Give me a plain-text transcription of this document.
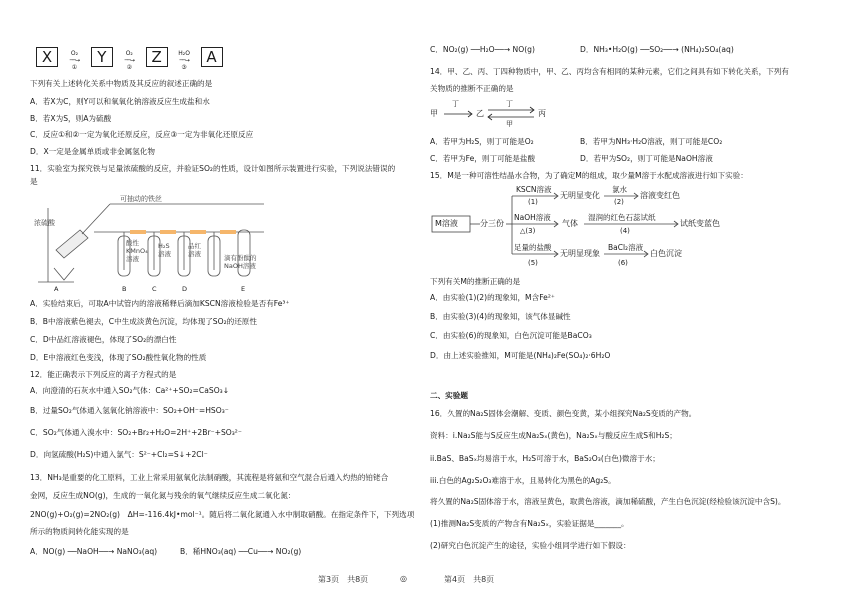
X	O₂
──→
① Y	O₂
──→
② Z	H₂O
──→
③ A
下列有关上述转化关系中物质及其反应的叙述正确的是
A．若X为C，则Y可以和氧氧化钠溶液反应生成盐和水
B．若X为S，则A为硫酸
C．反应①和②一定为氧化还原反应，反应③一定为非氧化还原反应
D．X一定是金属单质或非金属氢化物
11．实验室为探究铁与足量浓硫酸的反应，并验证SO₂的性质，设计如图所示装置进行实验，下列说法错误的
是
可抽动的铁丝
浓硫酸
酸性
KMnO₄
溶液
H₂S
溶液
品红
溶液	滴有酚酞的
NaOH溶液
A	B	C	D	E
A．实验结束后，可取A中试管内的溶液稀释后滴加KSCN溶液检验是否有Fe³⁺
B．B中溶液紫色褪去，C中生成淡黄色沉淀，均体现了SO₂的还原性
C．D中品红溶液褪色，体现了SO₂的漂白性
D．E中溶液红色变浅，体现了SO₂酸性氧化物的性质
12．能正确表示下列反应的离子方程式的是
A．向澄清的石灰水中通入SO₂气体：Ca²⁺+SO₂=CaSO₃↓
B．过量SO₂气体通入氢氧化钠溶液中：SO₂+OH⁻=HSO₃⁻
C．SO₂气体通入溴水中：SO₂+Br₂+H₂O=2H⁺+2Br⁻+SO₃²⁻
D．向氢硫酸(H₂S)中通入氯气：S²⁻+Cl₂=S↓+2Cl⁻
13．NH₃是重要的化工原料，工业上常采用氨氧化法制硝酸，其流程是将氨和空气混合后通入灼热的铂铑合
金网，反应生成NO(g)，生成的一氧化氮与残余的氧气继续反应生成二氧化氮：
2NO(g)+O₂(g)=2NO₂(g)　ΔH=-116.4kJ•mol⁻¹。随后将二氧化氮通入水中制取硝酸。在指定条件下，下列选项
所示的物质间转化能实现的是
A．NO(g) ──NaOH──→ NaNO₃(aq)	B．稀HNO₃(aq) ──Cu──→ NO₂(g)
C．NO₂(g) ──H₂O──→ NO(g)	D．NH₃•H₂O(g) ──SO₂──→ (NH₄)₂SO₄(aq)
14．甲、乙、丙、丁四种物质中，甲、乙、丙均含有相同的某种元素，它们之间具有如下转化关系，下列有
关物质的推断不正确的是
甲
丁
乙
丁
甲
丙
A．若甲为H₂S，则丁可能是O₂	B．若甲为NH₃·H₂O溶液，则丁可能是CO₂
C．若甲为Fe，则丁可能是盐酸	D．若甲为SO₂，则丁可能是NaOH溶液
15．M是一种可溶性结晶水合物，为了确定M的组成，取少量M溶于水配成溶液进行如下实验：
M溶液	分三份
KSCN溶液
(1)
无明显变化
氯水
(2)
溶液变红色
NaOH溶液
△(3)
气体
湿润的红色石蕊试纸
(4)
试纸变蓝色
足量的盐酸
(5)
无明显现象
BaCl₂溶液
(6)
白色沉淀
下列有关M的推断正确的是
A．由实验(1)(2)的现象知，M含Fe²⁺
B．由实验(3)(4)的现象知，该气体显碱性
C．由实验(6)的现象知，白色沉淀可能是BaCO₃
D．由上述实验推知，M可能是(NH₄)₂Fe(SO₄)₂·6H₂O
二、实验题
16．久置的Na₂S固体会潮解、变质、颜色变黄，某小组探究Na₂S变质的产物。
资料：i.Na₂S能与S反应生成Na₂Sₓ(黄色)，Na₂Sₓ与酸反应生成S和H₂S；
ii.BaS、BaSₓ均易溶于水，H₂S可溶于水，BaS₂O₃(白色)微溶于水；
iii.白色的Ag₂S₂O₃难溶于水，且易转化为黑色的Ag₂S。
将久置的Na₂S固体溶于水，溶液呈黄色，取黄色溶液，滴加稀硫酸，产生白色沉淀(经检验该沉淀中含S)。
(1)推测Na₂S变质的产物含有Na₂Sₓ，实验证据是_______。
(2)研究白色沉淀产生的途径，实验小组同学进行如下假设：
第3页　共8页	◎	第4页　共8页
